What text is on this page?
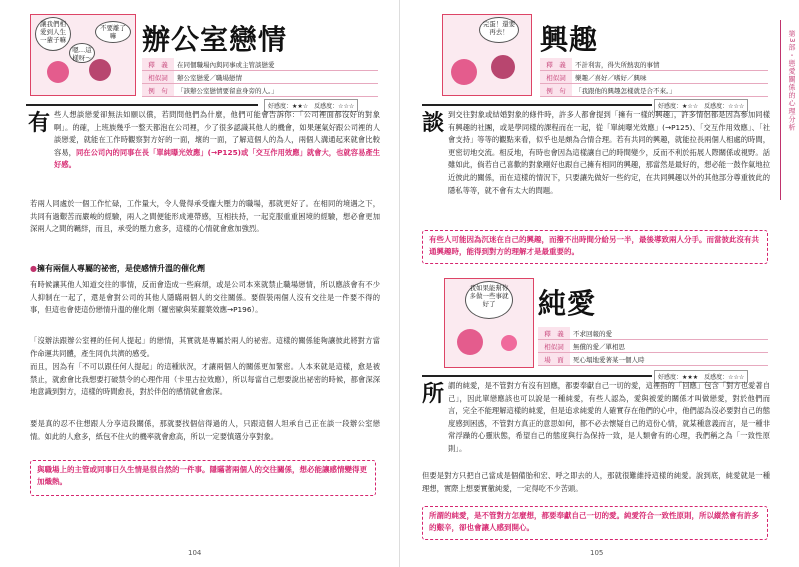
讓我們相愛到人生一輩子嘛
不要離了嘛
嗯…這樣呀～
辦公室戀情
釋　義	在同個職場內與同事或主管談戀愛
相似詞	辦公室戀愛／職場戀情
例　句	「該辦公室戀情要留意身旁的人。」
好感度：★★☆　反感度：☆☆☆
有 些人想談戀愛卻無法如願以償，若問問他們為什麼，他們可能會告訴你：「公司裡面都沒好的對象啊」。的確，上班族幾乎一整天都泡在公司裡，少了很多認識其他人的機會，如果運氣好跟公司裡的人談戀愛，就能在工作時觀察對方好的一面，壞的一面，了解這個人的為人，兩個人溝通起來就會比較容易，同在公司內的同事在長「單純曝光效應」(→P125)或「交互作用效應」就會大，也就容易產生好感。
若兩人同處於一個工作忙碌，工作量大，令人覺得承受龐大壓力的職場，那就更好了。在相同的境遇之下，共同有過艱苦而嚴峻的經驗，兩人之間便能形成連帶感，互相扶持，一起克服重重困境的經驗，想必會更加深兩人之間的羈絆，而且，承受的壓力愈多，這樣的心情就會愈加強烈。
●擁有兩個人專屬的祕密，是使感情升溫的催化劑
有時候讓其他人知道交往的事情，反而會造成一些麻煩，或是公司本來就禁止職場戀情，所以應該會有不少人抑制在一起了，還是會對公司的其他人隱瞞兩個人的交往關係。要假裝兩個人沒有交往是一件要不得的事，但這也會使這份戀情升溫的催化劑（羅密歐與茱麗葉效應→P196）。
「沒辦法跟辦公室裡的任何人提起」的戀情，其實就是專屬於兩人的祕密。這樣的關係能夠讓彼此將對方當作命運共同體，產生同仇共濟的感受。
而且，因為有「不可以跟任何人提起」的這種狀況，才讓兩個人的關係更加緊密。人本來就是這樣，愈是被禁止，就愈會比我想要打破禁令的心理作用（卡里古拉效應），所以每當自己想要說出祕密的時候，都會深深地意識到對方，這樣的時間愈長，對於伴侶的感情就會愈深。
要是真的忍不住想跟人分享這段關係，那就要找個信得過的人，只跟這個人坦承自己正在談一段辦公室戀情。如此的人愈多，紙包不住火的機率就會愈高，所以一定要慎選分享對象。
與職場上的主管或同事日久生情是很自然的一件事。隱瞞著兩個人的交往關係，想必能讓感情變得更加熾熱。
104
完蛋！還要再去！	興趣
釋　義	不計利害，得失所熱衷的事情
相似詞	樂趣／喜好／嗜好／興味
例　句	「我跟他的興趣怎樣就是合不來。」
好感度：★☆☆　反感度：☆☆☆
談 到交往對象或結婚對象的條件時，許多人都會提到「擁有一樣的興趣」，許多情侶都是因為參加同樣有興趣的社團，或是學同樣的課程而在一起，從「單純曝光效應」(→P125)、「交互作用效應」、「社會支持」等等的觀點來看，似乎也是頗為合情合理。若有共同的興趣，就能拉長兩個人相處的時間，更密切地交流。相反地，有時也會因為這樣讓自己的時間變少，反而不利於拓展人際關係或視野。話雖如此，倘若自己喜歡的對象剛好也跟自己擁有相同的興趣，那當然是最好的，想必能一鼓作氣地拉近彼此的關係，而在這樣的情況下，只要讓先做好一些約定，在共同興趣以外的其他部分尊重彼此的隱私等等，就不會有太大的問題。
有些人可能因為沉迷在自己的興趣，而撥不出時間分給另一半，最後導致兩人分手。而當彼此沒有共通興趣時，能得到對方的理解才是最重要的。
我如果能幫你多做一些事就好了	純愛
釋　義	不求回報的愛
相似詞	無償的愛／單相思
場　面	死心塌地愛著某一個人時
好感度：★★★　反感度：☆☆☆
所 謂的純愛，是不管對方有沒有回應，都要奉獻自己一切的愛，這裡指的「回應」包含「對方也愛著自己」，因此單戀應該也可以說是一種純愛，有些人認為，愛與被愛的關係才叫做戀愛，對於他們而言，完全不能理解這樣的純愛，但是追求純愛的人確實存在他們的心中，他們認為沒必要對自己的態度感到困惑，不管對方真正的意思如何，都不必去懷疑自己的這份心情，就某種意義而言，是一種非常浮躁的心靈狀態，希望自己的態度與行為保持一致，是人類會有的心理，我們稱之為「一致性原則」。
但要是對方只把自己當成是個備胎和宏、呼之即去的人，那就很難維持這樣的純愛。說到底，純愛就是一種理想，實際上想要實徹純愛，一定得吃不少苦頭。
所謂的純愛，是不管對方怎麼想，都要奉獻自己一切的愛。純愛符合一致性原則，所以縱然會有許多的艱辛，卻也會讓人感到開心。
105
第3部・戀愛關係的心理分析
